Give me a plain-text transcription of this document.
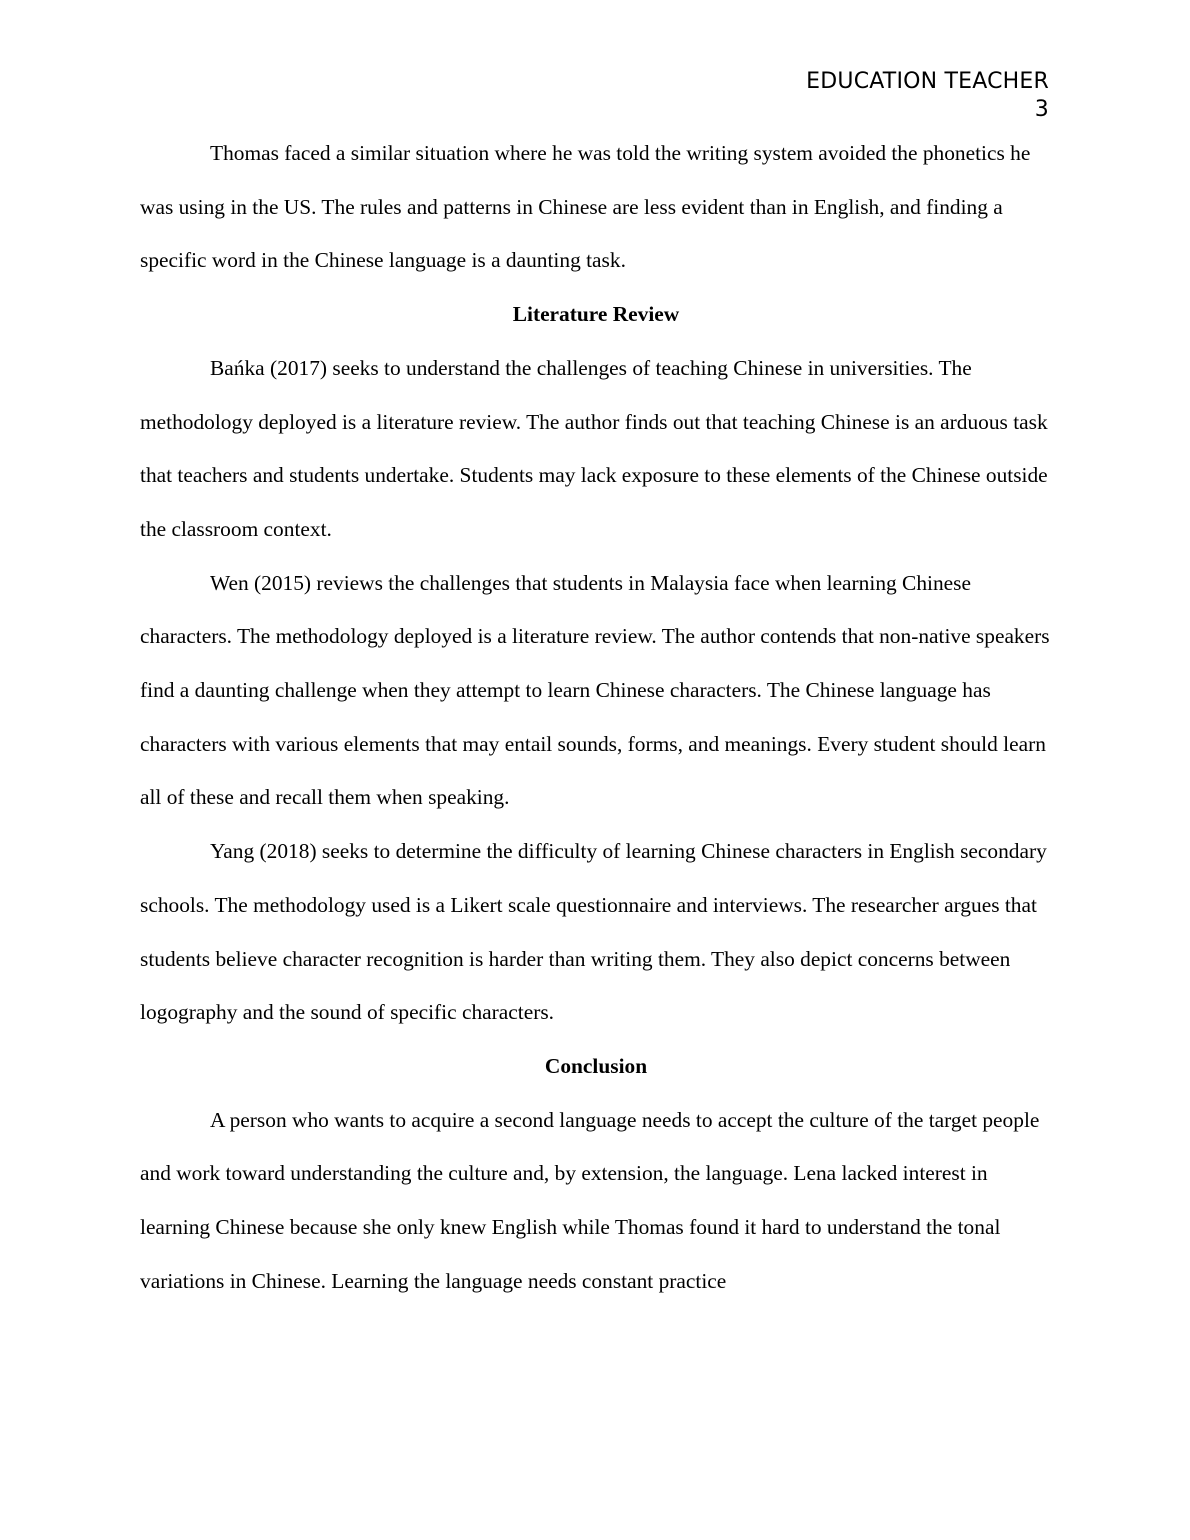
EDUCATION TEACHER
3

Thomas faced a similar situation where he was told the writing system avoided the phonetics he was using in the US. The rules and patterns in Chinese are less evident than in English, and finding a specific word in the Chinese language is a daunting task.

Literature Review

Bańka (2017) seeks to understand the challenges of teaching Chinese in universities. The methodology deployed is a literature review. The author finds out that teaching Chinese is an arduous task that teachers and students undertake. Students may lack exposure to these elements of the Chinese outside the classroom context.

Wen (2015) reviews the challenges that students in Malaysia face when learning Chinese characters. The methodology deployed is a literature review. The author contends that non-native speakers find a daunting challenge when they attempt to learn Chinese characters. The Chinese language has characters with various elements that may entail sounds, forms, and meanings. Every student should learn all of these and recall them when speaking.

Yang (2018) seeks to determine the difficulty of learning Chinese characters in English secondary schools. The methodology used is a Likert scale questionnaire and interviews. The researcher argues that students believe character recognition is harder than writing them. They also depict concerns between logography and the sound of specific characters.

Conclusion

A person who wants to acquire a second language needs to accept the culture of the target people and work toward understanding the culture and, by extension, the language. Lena lacked interest in learning Chinese because she only knew English while Thomas found it hard to understand the tonal variations in Chinese. Learning the language needs constant practice
